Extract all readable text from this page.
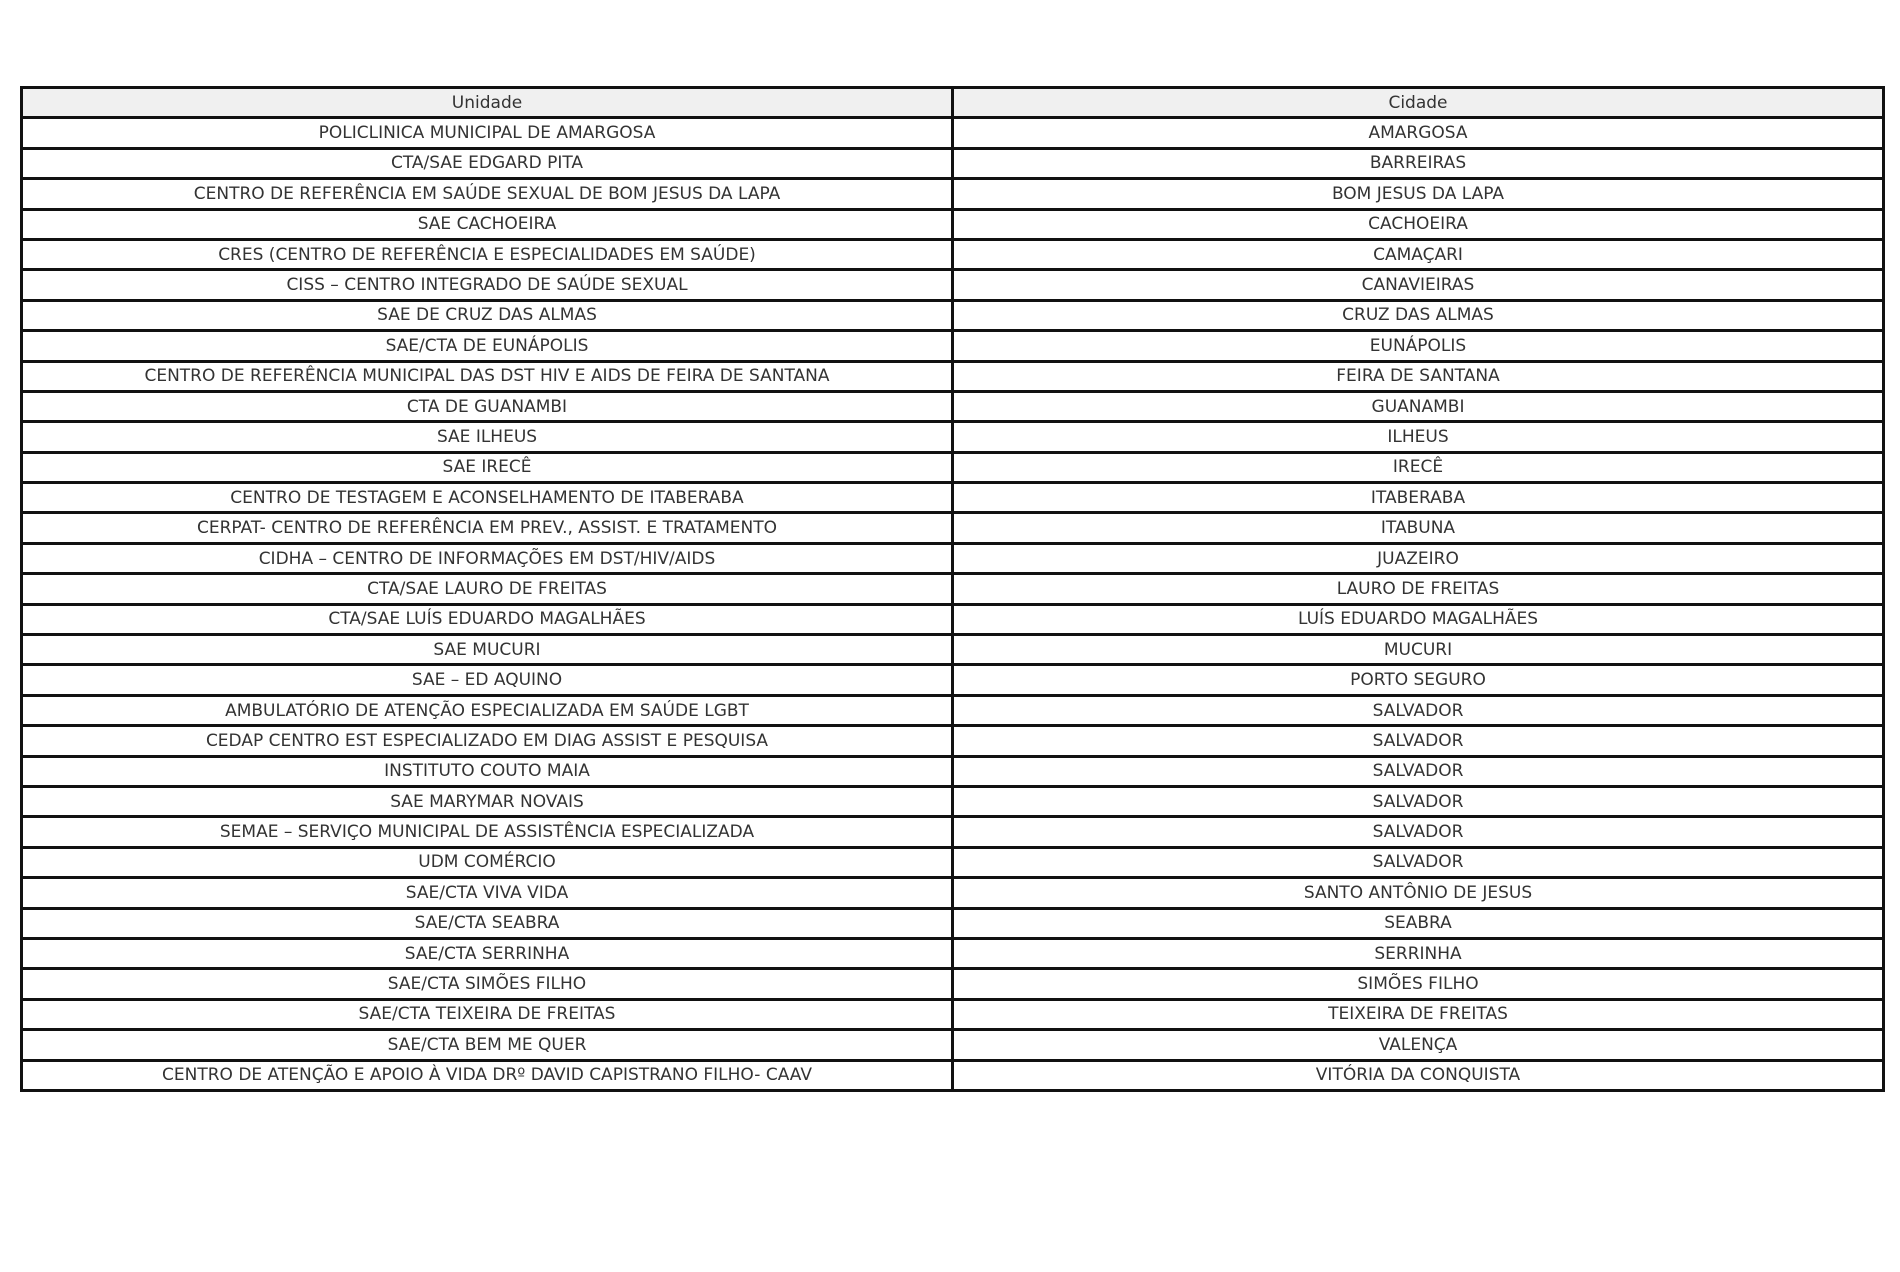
Unidade	Cidade
POLICLINICA MUNICIPAL DE AMARGOSA	AMARGOSA
CTA/SAE EDGARD PITA	BARREIRAS
CENTRO DE REFERÊNCIA EM SAÚDE SEXUAL DE BOM JESUS DA LAPA	BOM JESUS DA LAPA
SAE CACHOEIRA	CACHOEIRA
CRES (CENTRO DE REFERÊNCIA E ESPECIALIDADES EM SAÚDE)	CAMAÇARI
CISS – CENTRO INTEGRADO DE SAÚDE SEXUAL	CANAVIEIRAS
SAE DE CRUZ DAS ALMAS	CRUZ DAS ALMAS
SAE/CTA DE EUNÁPOLIS	EUNÁPOLIS
CENTRO DE REFERÊNCIA MUNICIPAL DAS DST HIV E AIDS DE FEIRA DE SANTANA	FEIRA DE SANTANA
CTA DE GUANAMBI	GUANAMBI
SAE ILHEUS	ILHEUS
SAE IRECÊ	IRECÊ
CENTRO DE TESTAGEM E ACONSELHAMENTO DE ITABERABA	ITABERABA
CERPAT- CENTRO DE REFERÊNCIA EM PREV., ASSIST. E TRATAMENTO	ITABUNA
CIDHA – CENTRO DE INFORMAÇÕES EM DST/HIV/AIDS	JUAZEIRO
CTA/SAE LAURO DE FREITAS	LAURO DE FREITAS
CTA/SAE LUÍS EDUARDO MAGALHÃES	LUÍS EDUARDO MAGALHÃES
SAE MUCURI	MUCURI
SAE – ED AQUINO	PORTO SEGURO
AMBULATÓRIO DE ATENÇÃO ESPECIALIZADA EM SAÚDE LGBT	SALVADOR
CEDAP CENTRO EST ESPECIALIZADO EM DIAG ASSIST E PESQUISA	SALVADOR
INSTITUTO COUTO MAIA	SALVADOR
SAE MARYMAR NOVAIS	SALVADOR
SEMAE – SERVIÇO MUNICIPAL DE ASSISTÊNCIA ESPECIALIZADA	SALVADOR
UDM COMÉRCIO	SALVADOR
SAE/CTA VIVA VIDA	SANTO ANTÔNIO DE JESUS
SAE/CTA SEABRA	SEABRA
SAE/CTA SERRINHA	SERRINHA
SAE/CTA SIMÕES FILHO	SIMÕES FILHO
SAE/CTA TEIXEIRA DE FREITAS	TEIXEIRA DE FREITAS
SAE/CTA BEM ME QUER	VALENÇA
CENTRO DE ATENÇÃO E APOIO À VIDA DRº DAVID CAPISTRANO FILHO- CAAV	VITÓRIA DA CONQUISTA
